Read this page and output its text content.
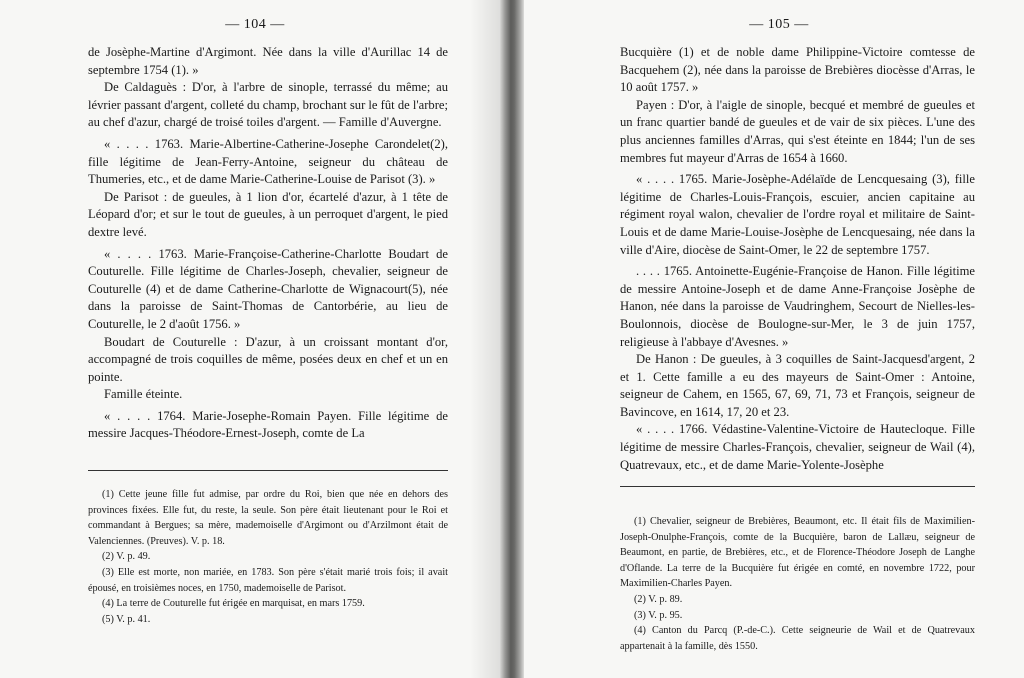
— 104 —

de Josèphe-Martine d'Argimont. Née dans la ville d'Aurillac 14 de septembre 1754 (1). »

De Caldaguès : D'or, à l'arbre de sinople, terrassé du même; au lévrier passant d'argent, colleté du champ, brochant sur le fût de l'arbre; au chef d'azur, chargé de troisé toiles d'argent. — Famille d'Auvergne.

« . . . . 1763. Marie-Albertine-Catherine-Josephe Carondelet(2), fille légitime de Jean-Ferry-Antoine, seigneur du château de Thumeries, etc., et de dame Marie-Catherine-Louise de Parisot (3). »

De Parisot : de gueules, à 1 lion d'or, écartelé d'azur, à 1 tête de Léopard d'or; et sur le tout de gueules, à un perroquet d'argent, le pied dextre levé.

« . . . . 1763. Marie-Françoise-Catherine-Charlotte Boudart de Couturelle. Fille légitime de Charles-Joseph, chevalier, seigneur de Couturelle (4) et de dame Catherine-Charlotte de Wignacourt(5), née dans la paroisse de Saint-Thomas de Cantorbérie, au lieu de Couturelle, le 2 d'août 1756. »

Boudart de Couturelle : D'azur, à un croissant montant d'or, accompagné de trois coquilles de même, posées deux en chef et un en pointe.

Famille éteinte.

« . . . . 1764. Marie-Josephe-Romain Payen. Fille légitime de messire Jacques-Théodore-Ernest-Joseph, comte de La

(1) Cette jeune fille fut admise, par ordre du Roi, bien que née en dehors des provinces fixées. Elle fut, du reste, la seule. Son père était lieutenant pour le Roi et commandant à Bergues; sa mère, mademoiselle d'Argimont ou d'Arzilmont était de Valenciennes. (Preuves). V. p. 18.

(2) V. p. 49.

(3) Elle est morte, non mariée, en 1783. Son père s'était marié trois fois; il avait épousé, en troisièmes noces, en 1750, mademoiselle de Parisot.

(4) La terre de Couturelle fut érigée en marquisat, en mars 1759.

(5) V. p. 41.

— 105 —

Bucquière (1) et de noble dame Philippine-Victoire comtesse de Bacquehem (2), née dans la paroisse de Brebières diocèsse d'Arras, le 10 août 1757. »

Payen : D'or, à l'aigle de sinople, becqué et membré de gueules et un franc quartier bandé de gueules et de vair de six pièces. L'une des plus anciennes familles d'Arras, qui s'est éteinte en 1844; l'un de ses membres fut mayeur d'Arras de 1654 à 1660.

« . . . . 1765. Marie-Josèphe-Adélaïde de Lencquesaing (3), fille légitime de Charles-Louis-François, escuier, ancien capitaine au régiment royal walon, chevalier de l'ordre royal et militaire de Saint-Louis et de dame Marie-Louise-Josèphe de Lencquesaing, née dans la ville d'Aire, diocèse de Saint-Omer, le 22 de septembre 1757.

. . . . 1765. Antoinette-Eugénie-Françoise de Hanon. Fille légitime de messire Antoine-Joseph et de dame Anne-Françoise Josèphe de Hanon, née dans la paroisse de Vaudringhem, Secourt de Nielles-les-Boulonnois, diocèse de Boulogne-sur-Mer, le 3 de juin 1757, religieuse à l'abbaye d'Avesnes. »

De Hanon : De gueules, à 3 coquilles de Saint-Jacquesd'argent, 2 et 1. Cette famille a eu des mayeurs de Saint-Omer : Antoine, seigneur de Cahem, en 1565, 67, 69, 71, 73 et François, seigneur de Bavincove, en 1614, 17, 20 et 23.

« . . . . 1766. Védastine-Valentine-Victoire de Hautecloque. Fille légitime de messire Charles-François, chevalier, seigneur de Wail (4), Quatrevaux, etc., et de dame Marie-Yolente-Josèphe

(1) Chevalier, seigneur de Brebières, Beaumont, etc. Il était fils de Maximilien-Joseph-Onulphe-François, comte de la Bucquière, baron de Lallæu, seigneur de Beaumont, en partie, de Brebières, etc., et de Florence-Théodore Joseph de Langhe d'Oflande. La terre de la Bucquière fut érigée en comté, en novembre 1722, pour Maximilien-Charles Payen.

(2) V. p. 89.

(3) V. p. 95.

(4) Canton du Parcq (P.-de-C.). Cette seigneurie de Wail et de Quatrevaux appartenait à la famille, dès 1550.
